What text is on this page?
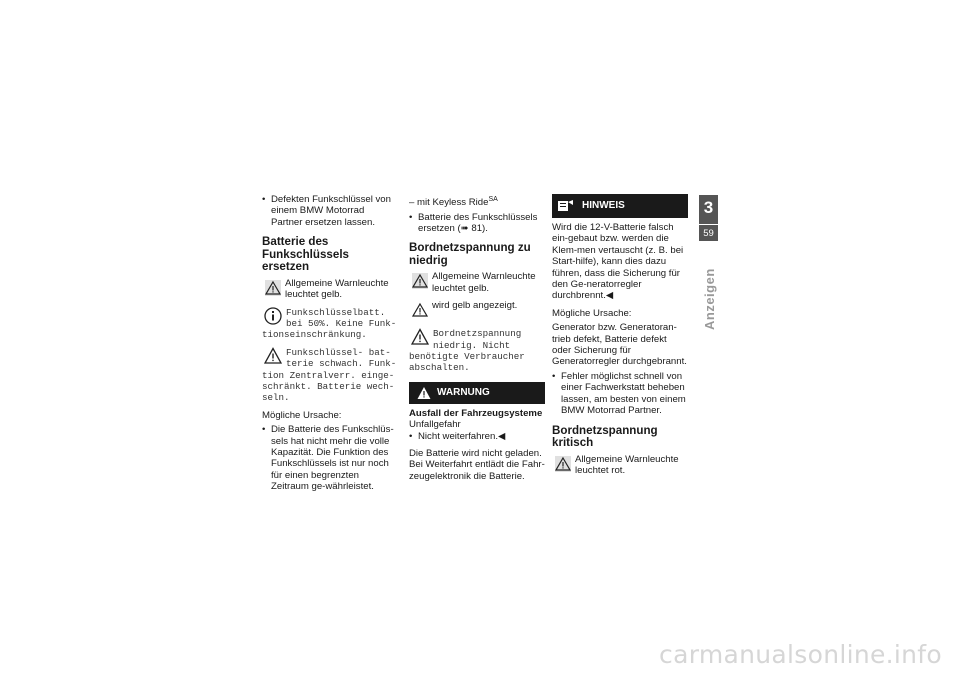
• Defekten Funkschlüssel von einem BMW Motorrad Partner ersetzen lassen.
Batterie des Funkschlüssels ersetzen
Allgemeine Warnleuchte leuchtet gelb.
Funkschlüsselbatt. bei 50%. Keine Funk-tionseinschränkung.
Funkschlüssel- bat-terie schwach. Funk-tion Zentralverr. einge-schränkt. Batterie wech-seln.

Mögliche Ursache:

• Die Batterie des Funkschlüs-sels hat nicht mehr die volle Kapazität. Die Funktion des Funkschlüssels ist nur noch für einen begrenzten Zeitraum ge-währleistet.

– mit Keyless Ride$^{SA}$

• Batterie des Funkschlüssels ersetzen (➠ 81).
Bordnetzspannung zu niedrig
Allgemeine Warnleuchte leuchtet gelb.
wird gelb angezeigt.
Bordnetzspannung niedrig. Nicht benötigte Verbraucher abschalten.
WARNUNG
Ausfall der Fahrzeugsysteme
Unfallgefahr
• Nicht weiterfahren.◀

Die Batterie wird nicht geladen. Bei Weiterfahrt entlädt die Fahr-zeugelektronik die Batterie.

HINWEIS

Wird die 12-V-Batterie falsch ein-gebaut bzw. werden die Klem-men vertauscht (z. B. bei Start-hilfe), kann dies dazu führen, dass die Sicherung für den Ge-neratorregler durchbrennt.◀

Mögliche Ursache:

Generator bzw. Generatoran-trieb defekt, Batterie defekt oder Sicherung für Generatorregler durchgebrannt.

• Fehler möglichst schnell von einer Fachwerkstatt beheben lassen, am besten von einem BMW Motorrad Partner.
Bordnetzspannung kritisch
Allgemeine Warnleuchte leuchtet rot.
3
59
Anzeigen
carmanualsonline.info
